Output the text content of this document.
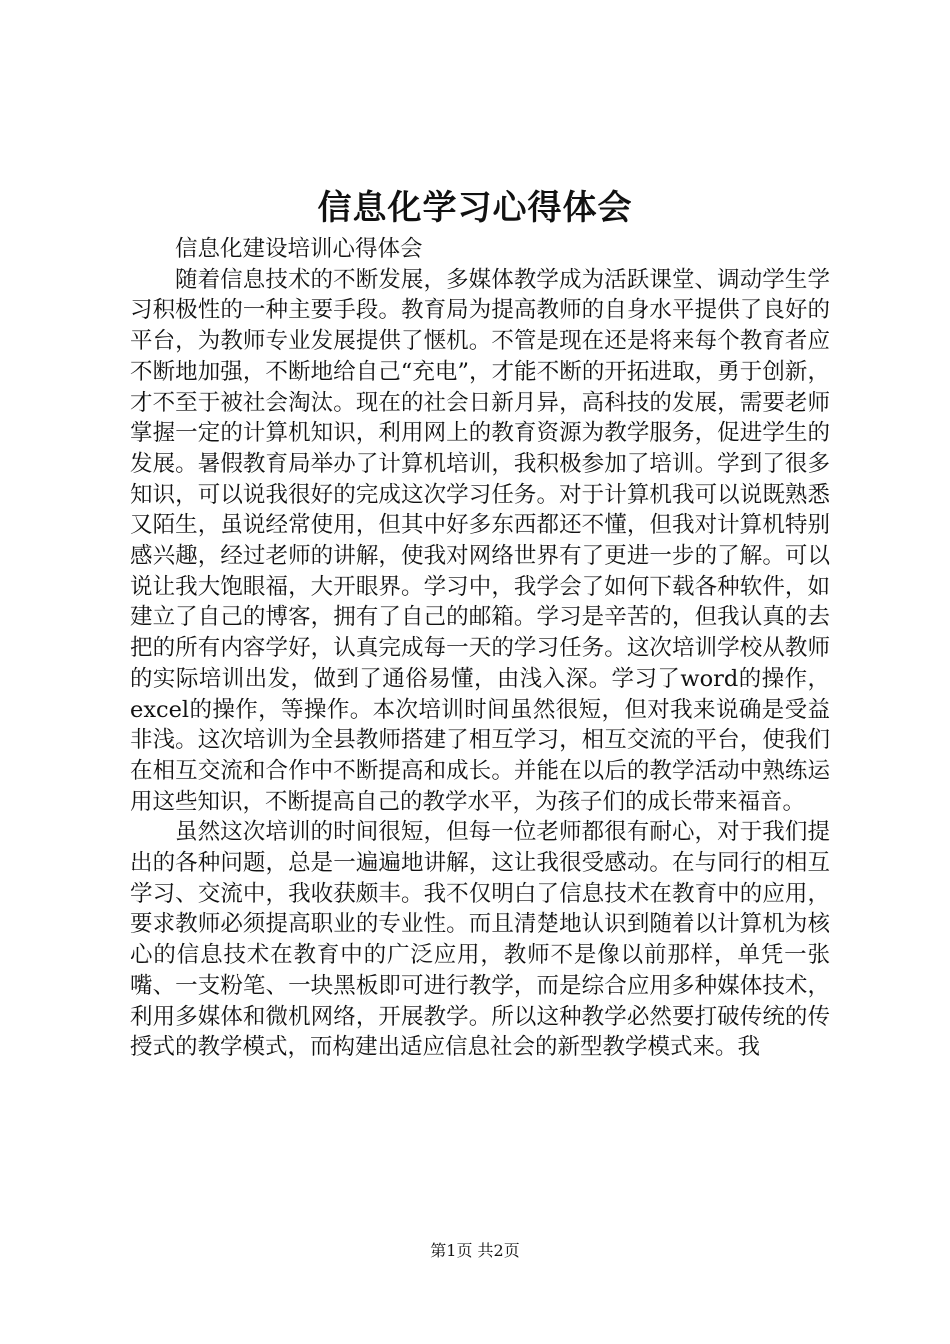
信息化学习心得体会

信息化建设培训心得体会

随着信息技术的不断发展，多媒体教学成为活跃课堂、调动学生学习积极性的一种主要手段。教育局为提高教师的自身水平提供了良好的平台，为教师专业发展提供了惬机。不管是现在还是将来每个教育者应不断地加强，不断地给自己“充电”，才能不断的开拓进取，勇于创新，才不至于被社会淘汰。现在的社会日新月异，高科技的发展，需要老师掌握一定的计算机知识，利用网上的教育资源为教学服务，促进学生的发展。暑假教育局举办了计算机培训，我积极参加了培训。学到了很多知识，可以说我很好的完成这次学习任务。对于计算机我可以说既熟悉又陌生，虽说经常使用，但其中好多东西都还不懂，但我对计算机特别感兴趣，经过老师的讲解，使我对网络世界有了更进一步的了解。可以说让我大饱眼福，大开眼界。学习中，我学会了如何下载各种软件，如建立了自己的博客，拥有了自己的邮箱。学习是辛苦的，但我认真的去把的所有内容学好，认真完成每一天的学习任务。这次培训学校从教师的实际培训出发，做到了通俗易懂，由浅入深。学习了word的操作，excel的操作，等操作。本次培训时间虽然很短，但对我来说确是受益非浅。这次培训为全县教师搭建了相互学习，相互交流的平台，使我们在相互交流和合作中不断提高和成长。并能在以后的教学活动中熟练运用这些知识，不断提高自己的教学水平，为孩子们的成长带来福音。

虽然这次培训的时间很短，但每一位老师都很有耐心，对于我们提出的各种问题，总是一遍遍地讲解，这让我很受感动。在与同行的相互学习、交流中，我收获颇丰。我不仅明白了信息技术在教育中的应用，要求教师必须提高职业的专业性。而且清楚地认识到随着以计算机为核心的信息技术在教育中的广泛应用，教师不是像以前那样，单凭一张嘴、一支粉笔、一块黑板即可进行教学，而是综合应用多种媒体技术，利用多媒体和微机网络，开展教学。所以这种教学必然要打破传统的传授式的教学模式，而构建出适应信息社会的新型教学模式来。我

第1页 共2页
